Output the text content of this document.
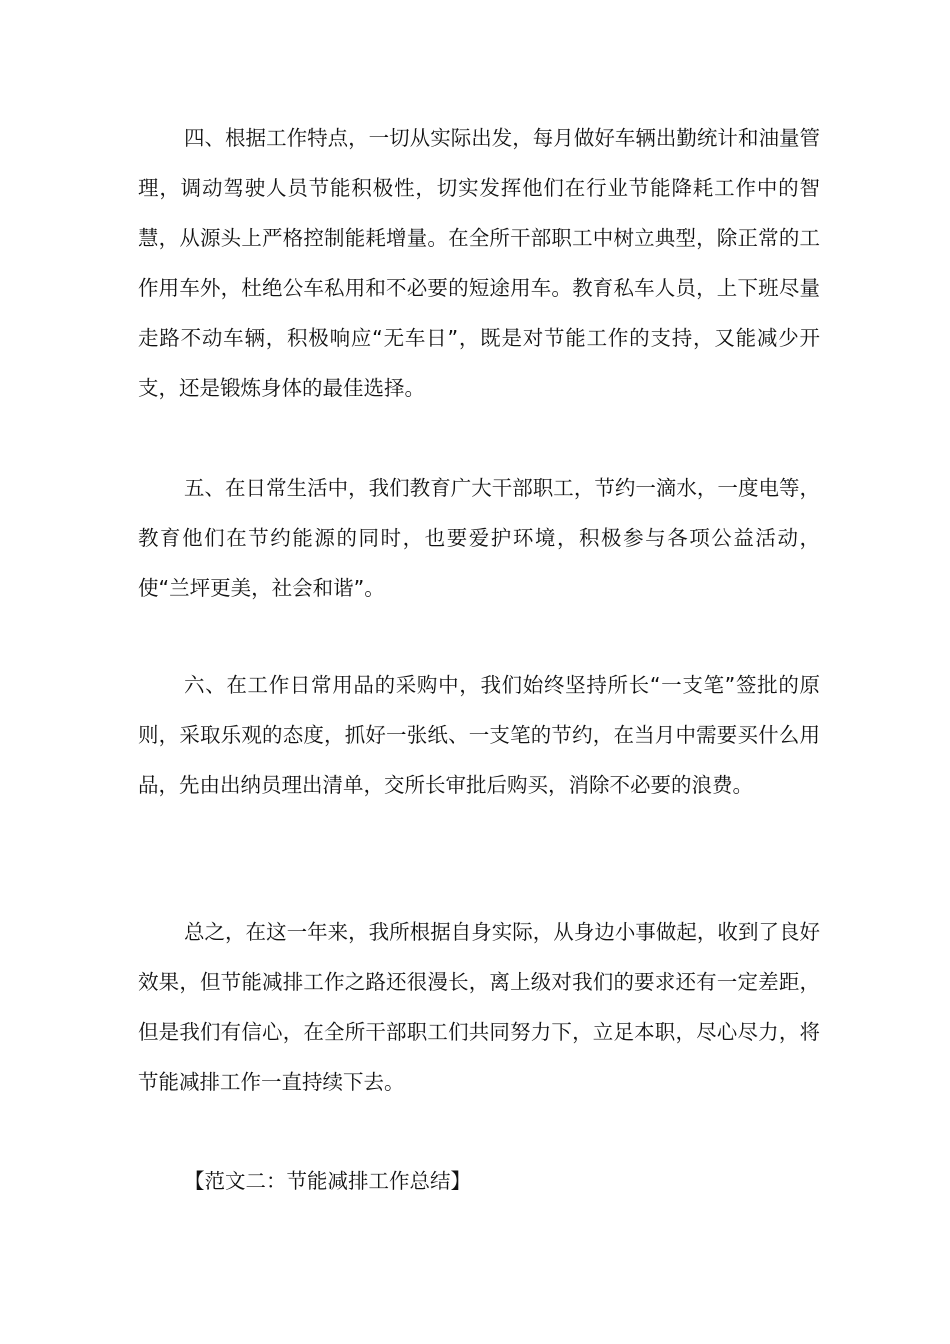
四、根据工作特点，一切从实际出发，每月做好车辆出勤统计和油量管理，调动驾驶人员节能积极性，切实发挥他们在行业节能降耗工作中的智慧，从源头上严格控制能耗增量。在全所干部职工中树立典型，除正常的工作用车外，杜绝公车私用和不必要的短途用车。教育私车人员，上下班尽量走路不动车辆，积极响应“无车日”，既是对节能工作的支持，又能减少开支，还是锻炼身体的最佳选择。

五、在日常生活中，我们教育广大干部职工，节约一滴水，一度电等，教育他们在节约能源的同时，也要爱护环境，积极参与各项公益活动，使“兰坪更美，社会和谐”。

六、在工作日常用品的采购中，我们始终坚持所长“一支笔”签批的原则，采取乐观的态度，抓好一张纸、一支笔的节约，在当月中需要买什么用品，先由出纳员理出清单，交所长审批后购买，消除不必要的浪费。

总之，在这一年来，我所根据自身实际，从身边小事做起，收到了良好效果，但节能减排工作之路还很漫长，离上级对我们的要求还有一定差距，但是我们有信心，在全所干部职工们共同努力下，立足本职，尽心尽力，将节能减排工作一直持续下去。

【范文二：节能减排工作总结】
